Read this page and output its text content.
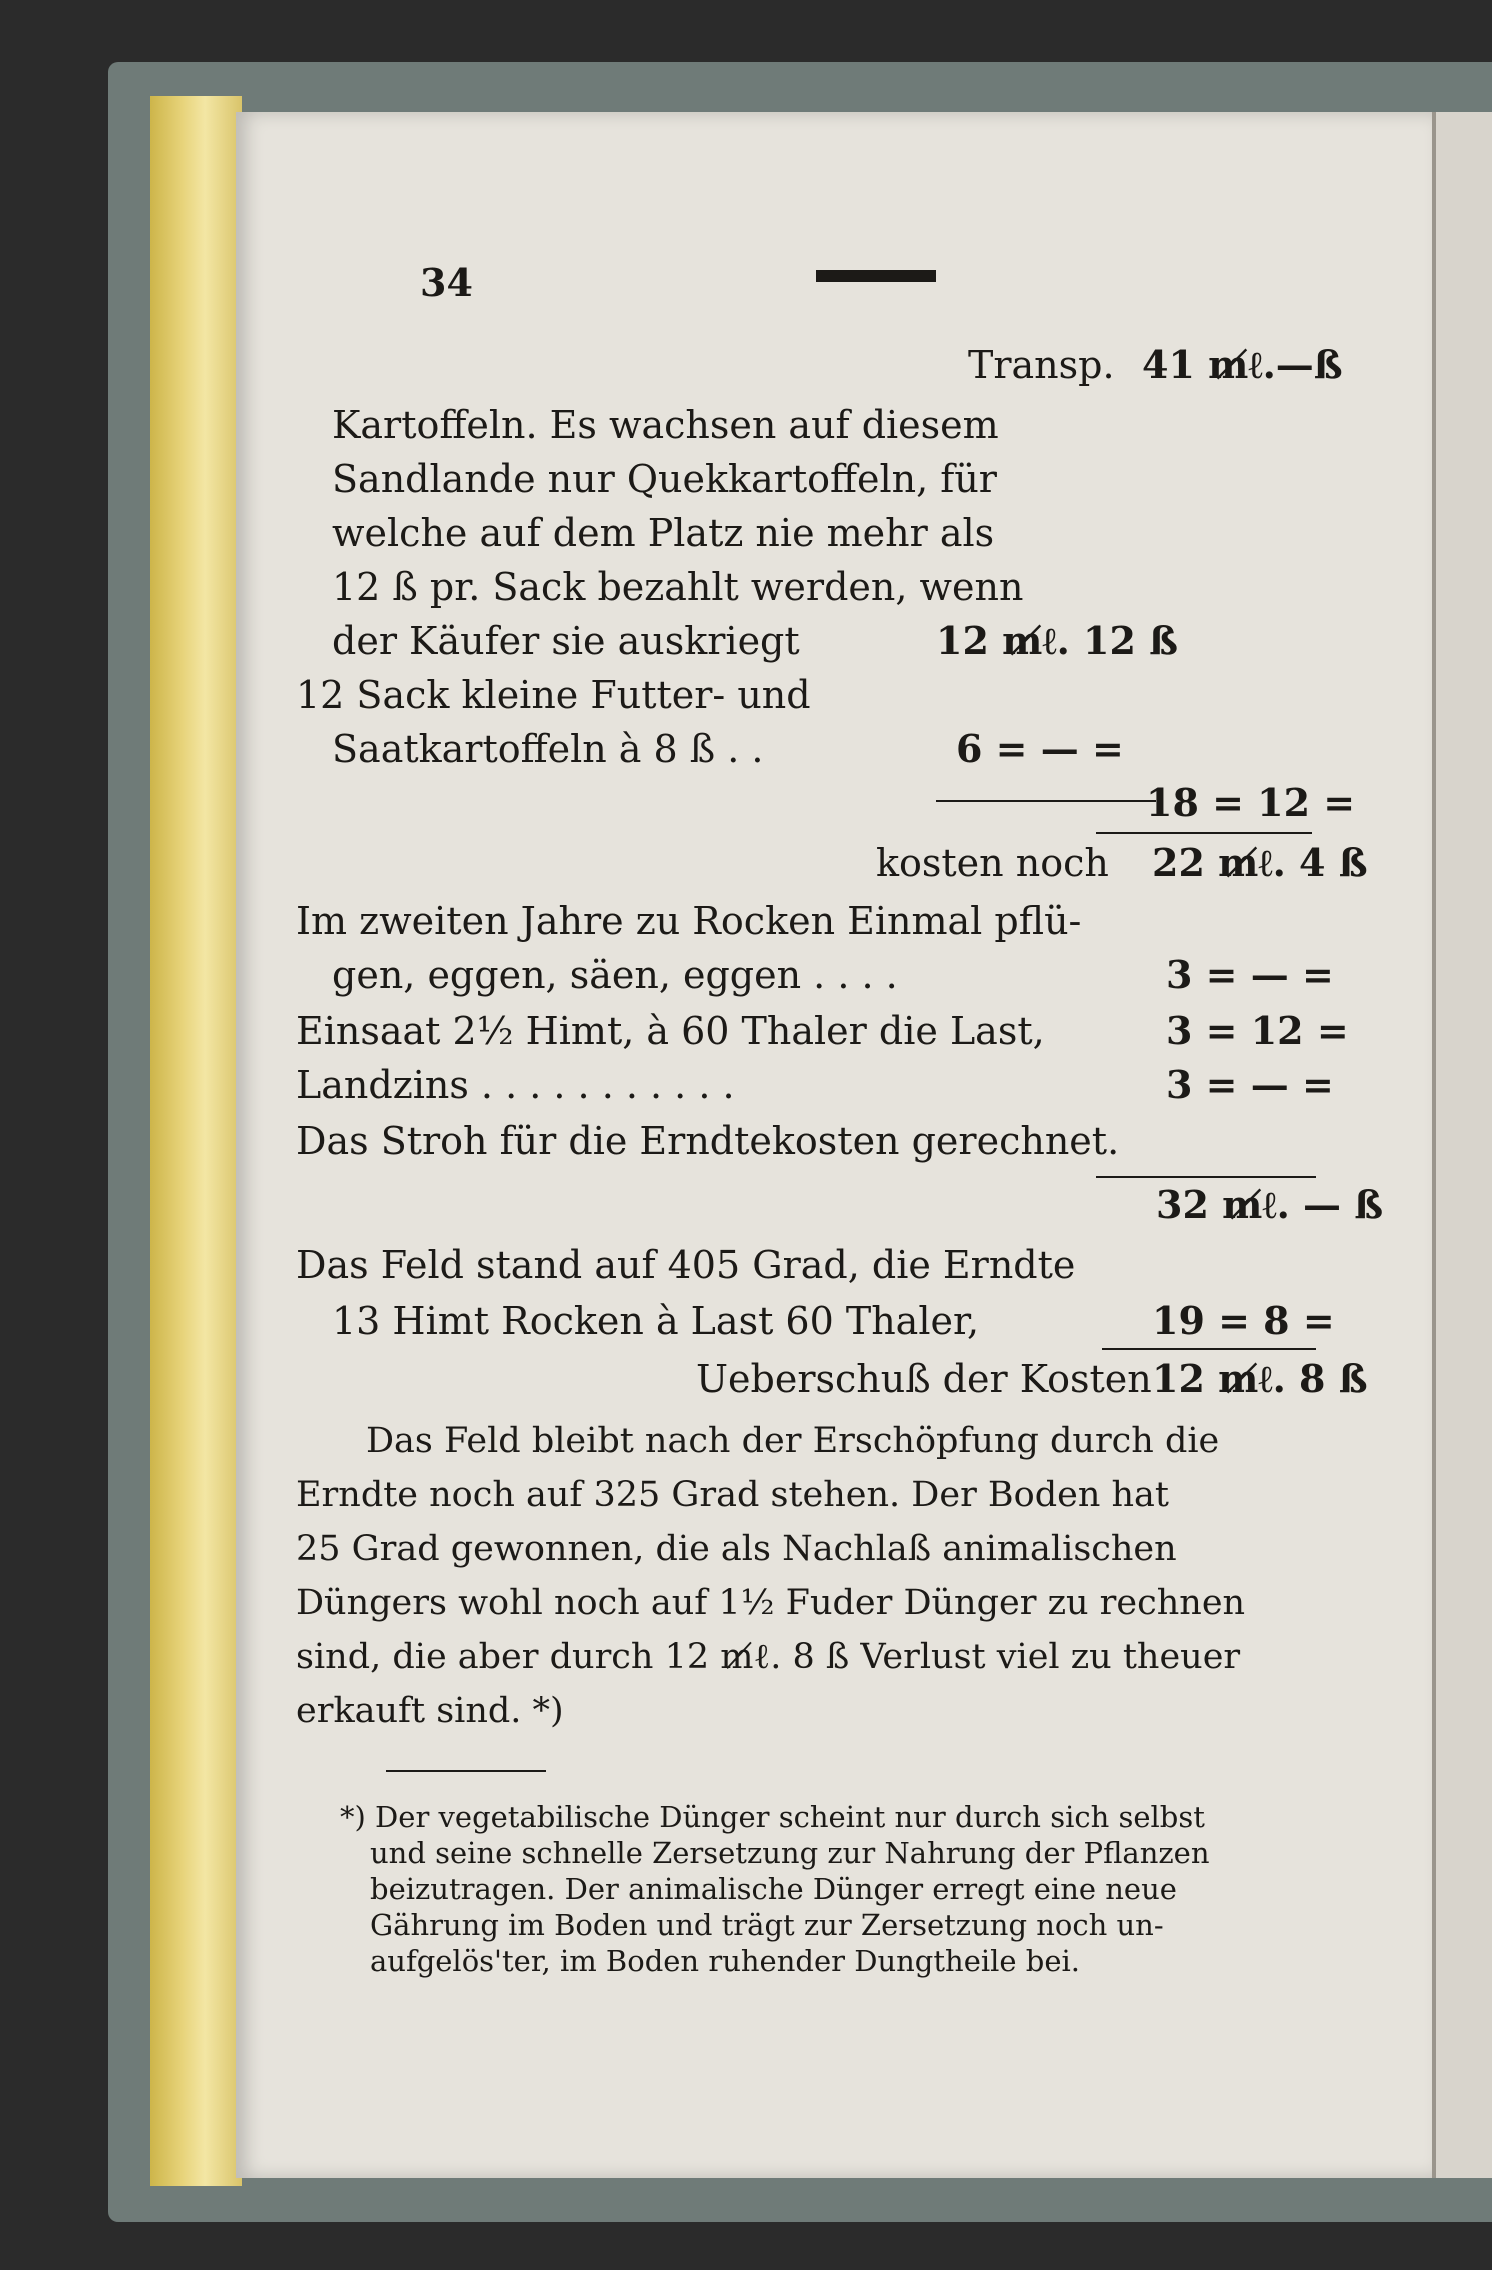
34
Transp. 41 m̸ℓ.—ß
Kartoffeln. Es wachsen auf diesem
Sandlande nur Quekkartoffeln, für
welche auf dem Platz nie mehr als
12 ß pr. Sack bezahlt werden, wenn
der Käufer sie auskriegt	12 m̸ℓ. 12 ß
12 Sack kleine Futter- und
Saatkartoffeln à 8 ß . .	6 = — =
18 = 12 =
kosten noch 22 m̸ℓ. 4 ß
Im zweiten Jahre zu Rocken Einmal pflü-
gen, eggen, säen, eggen . . . .	3 = — =
Einsaat 2½ Himt, à 60 Thaler die Last,	3 = 12 =
Landzins . . . . . . . . . . .	3 = — =
Das Stroh für die Erndtekosten gerechnet.
32 m̸ℓ. — ß
Das Feld stand auf 405 Grad, die Erndte
13 Himt Rocken à Last 60 Thaler,	19 = 8 =
Ueberschuß der Kosten 12 m̸ℓ. 8 ß
Das Feld bleibt nach der Erschöpfung durch die
Erndte noch auf 325 Grad stehen. Der Boden hat
25 Grad gewonnen, die als Nachlaß animalischen
Düngers wohl noch auf 1½ Fuder Dünger zu rechnen
sind, die aber durch 12 m̸ℓ. 8 ß Verlust viel zu theuer
erkauft sind. *)
*) Der vegetabilische Dünger scheint nur durch sich selbst
und seine schnelle Zersetzung zur Nahrung der Pflanzen
beizutragen. Der animalische Dünger erregt eine neue
Gährung im Boden und trägt zur Zersetzung noch un-
aufgelös'ter, im Boden ruhender Dungtheile bei.
